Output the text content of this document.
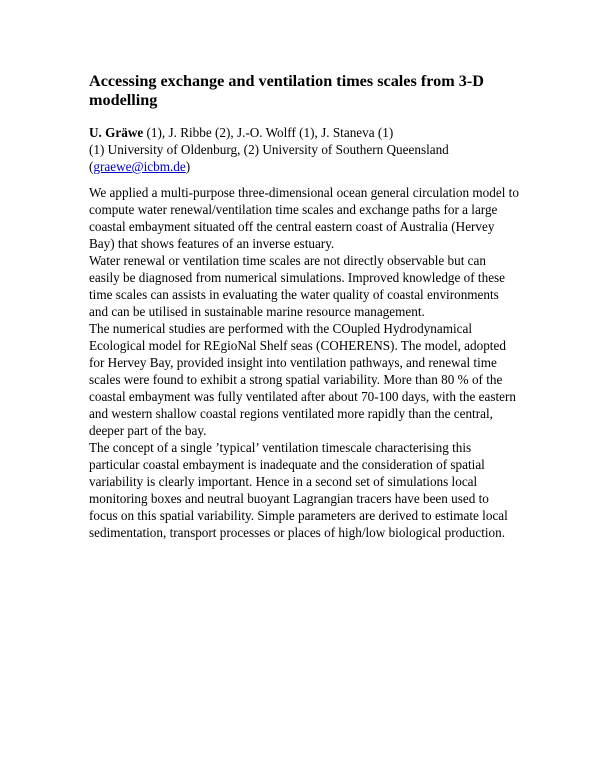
Accessing exchange and ventilation times scales from 3-D modelling
U. Gräwe (1), J. Ribbe (2), J.-O. Wolff (1), J. Staneva (1)
(1) University of Oldenburg, (2) University of Southern Queensland
(graewe@icbm.de)

We applied a multi-purpose three-dimensional ocean general circulation model to compute water renewal/ventilation time scales and exchange paths for a large coastal embayment situated off the central eastern coast of Australia (Hervey Bay) that shows features of an inverse estuary.

Water renewal or ventilation time scales are not directly observable but can easily be diagnosed from numerical simulations. Improved knowledge of these time scales can assists in evaluating the water quality of coastal environments and can be utilised in sustainable marine resource management.

The numerical studies are performed with the COupled Hydrodynamical Ecological model for REgioNal Shelf seas (COHERENS). The model, adopted for Hervey Bay, provided insight into ventilation pathways, and renewal time scales were found to exhibit a strong spatial variability. More than 80 % of the coastal embayment was fully ventilated after about 70-100 days, with the eastern and western shallow coastal regions ventilated more rapidly than the central, deeper part of the bay.

The concept of a single ’typical’ ventilation timescale characterising this particular coastal embayment is inadequate and the consideration of spatial variability is clearly important. Hence in a second set of simulations local monitoring boxes and neutral buoyant Lagrangian tracers have been used to focus on this spatial variability. Simple parameters are derived to estimate local sedimentation, transport processes or places of high/low biological production.
